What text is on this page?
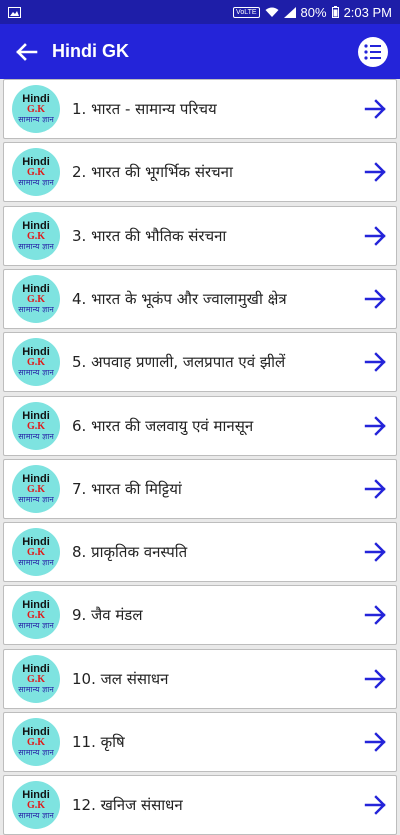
VoLTE	80% 2:03 PM
Hindi GK
Hindi
G.K
सामान्य ज्ञान
1. भारत - सामान्य परिचय
Hindi
G.K
सामान्य ज्ञान
2. भारत की भूगर्भिक संरचना
Hindi
G.K
सामान्य ज्ञान
3. भारत की भौतिक संरचना
Hindi
G.K
सामान्य ज्ञान
4. भारत के भूकंप और ज्वालामुखी क्षेत्र
Hindi
G.K
सामान्य ज्ञान
5. अपवाह प्रणाली, जलप्रपात एवं झीलें
Hindi
G.K
सामान्य ज्ञान
6. भारत की जलवायु एवं मानसून
Hindi
G.K
सामान्य ज्ञान
7. भारत की मिट्टियां
Hindi
G.K
सामान्य ज्ञान
8. प्राकृतिक वनस्पति
Hindi
G.K
सामान्य ज्ञान
9. जैव मंडल
Hindi
G.K
सामान्य ज्ञान
10. जल संसाधन
Hindi
G.K
सामान्य ज्ञान
11. कृषि
Hindi
G.K
सामान्य ज्ञान
12. खनिज संसाधन
